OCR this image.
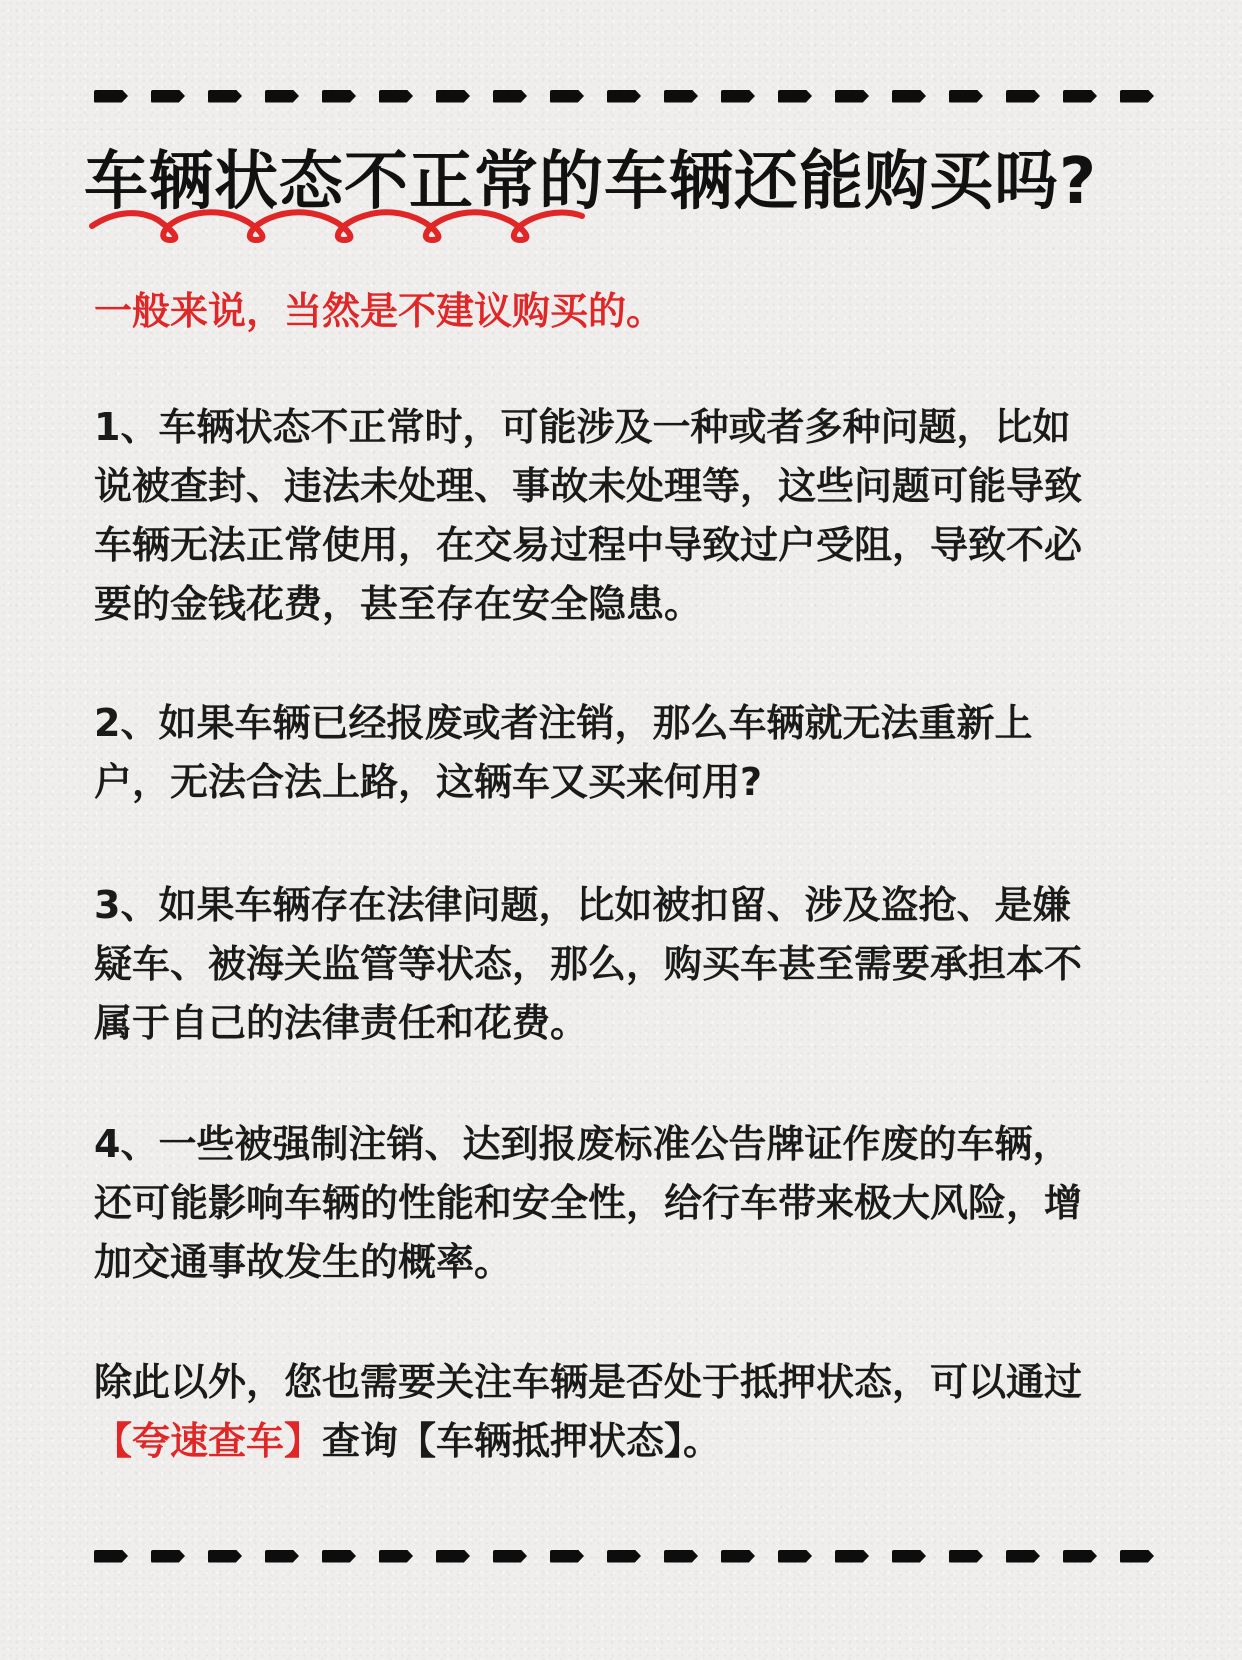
车辆状态不正常的车辆还能购买吗?

一般来说，当然是不建议购买的。

1、车辆状态不正常时，可能涉及一种或者多种问题，比如说被查封、违法未处理、事故未处理等，这些问题可能导致车辆无法正常使用，在交易过程中导致过户受阻，导致不必要的金钱花费，甚至存在安全隐患。

2、如果车辆已经报废或者注销，那么车辆就无法重新上户，无法合法上路，这辆车又买来何用?

3、如果车辆存在法律问题，比如被扣留、涉及盗抢、是嫌疑车、被海关监管等状态，那么，购买车甚至需要承担本不属于自己的法律责任和花费。

4、一些被强制注销、达到报废标准公告牌证作废的车辆，还可能影响车辆的性能和安全性，给行车带来极大风险，增加交通事故发生的概率。

除此以外，您也需要关注车辆是否处于抵押状态，可以通过【夸速查车】查询【车辆抵押状态】。
